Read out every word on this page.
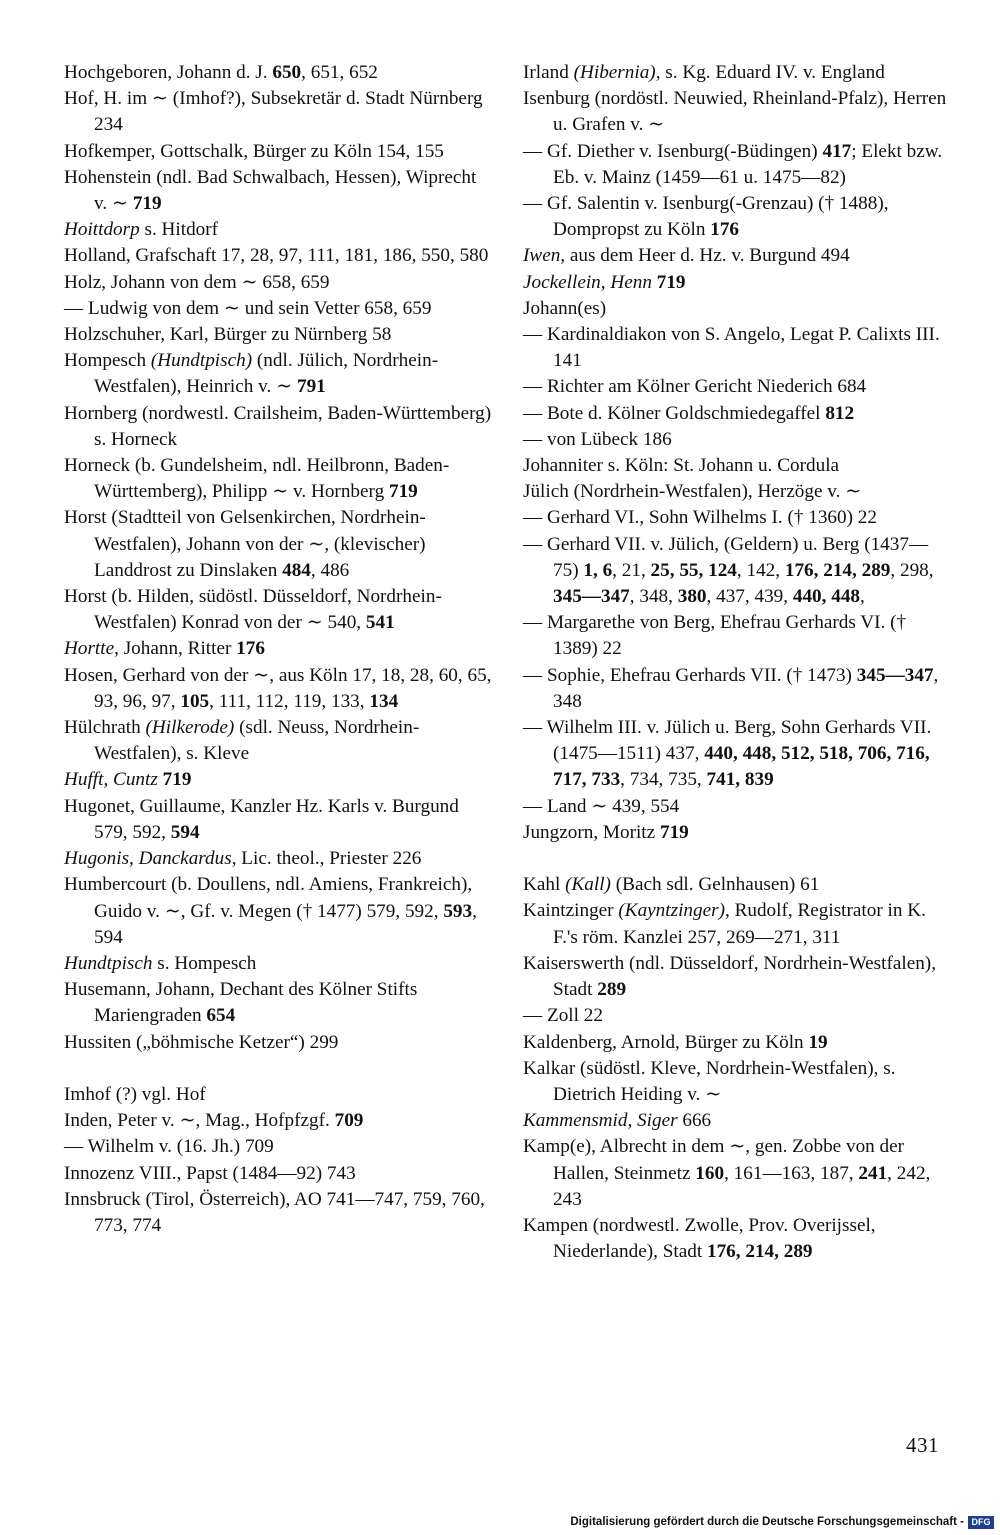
Hochgeboren, Johann d. J. 650, 651, 652

Hof, H. im ∼ (Imhof?), Subsekretär d. Stadt Nürnberg 234

Hofkemper, Gottschalk, Bürger zu Köln 154, 155

Hohenstein (ndl. Bad Schwalbach, Hessen), Wiprecht v. ∼ 719

Hoittdorp s. Hitdorf

Holland, Grafschaft 17, 28, 97, 111, 181, 186, 550, 580

Holz, Johann von dem ∼ 658, 659

— Ludwig von dem ∼ und sein Vetter 658, 659

Holzschuher, Karl, Bürger zu Nürnberg 58

Hompesch (Hundtpisch) (ndl. Jülich, Nordrhein-Westfalen), Heinrich v. ∼ 791

Hornberg (nordwestl. Crailsheim, Baden-Württemberg) s. Horneck

Horneck (b. Gundelsheim, ndl. Heilbronn, Baden-Württemberg), Philipp ∼ v. Hornberg 719

Horst (Stadtteil von Gelsenkirchen, Nordrhein-Westfalen), Johann von der ∼, (klevischer) Landdrost zu Dinslaken 484, 486

Horst (b. Hilden, südöstl. Düsseldorf, Nordrhein-Westfalen) Konrad von der ∼ 540, 541

Hortte, Johann, Ritter 176

Hosen, Gerhard von der ∼, aus Köln 17, 18, 28, 60, 65, 93, 96, 97, 105, 111, 112, 119, 133, 134

Hülchrath (Hilkerode) (sdl. Neuss, Nordrhein-Westfalen), s. Kleve

Hufft, Cuntz 719

Hugonet, Guillaume, Kanzler Hz. Karls v. Burgund 579, 592, 594

Hugonis, Danckardus, Lic. theol., Priester 226

Humbercourt (b. Doullens, ndl. Amiens, Frankreich), Guido v. ∼, Gf. v. Megen († 1477) 579, 592, 593, 594

Hundtpisch s. Hompesch

Husemann, Johann, Dechant des Kölner Stifts Mariengraden 654

Hussiten („böhmische Ketzer“) 299

Imhof (?) vgl. Hof

Inden, Peter v. ∼, Mag., Hofpfzgf. 709

— Wilhelm v. (16. Jh.) 709

Innozenz VIII., Papst (1484—92) 743

Innsbruck (Tirol, Österreich), AO 741—747, 759, 760, 773, 774

Irland (Hibernia), s. Kg. Eduard IV. v. England

Isenburg (nordöstl. Neuwied, Rheinland-Pfalz), Herren u. Grafen v. ∼

— Gf. Diether v. Isenburg(-Büdingen) 417; Elekt bzw. Eb. v. Mainz (1459—61 u. 1475—82)

— Gf. Salentin v. Isenburg(-Grenzau) († 1488), Dompropst zu Köln 176

Iwen, aus dem Heer d. Hz. v. Burgund 494

Jockellein, Henn 719

Johann(es)

— Kardinaldiakon von S. Angelo, Legat P. Calixts III. 141

— Richter am Kölner Gericht Niederich 684

— Bote d. Kölner Goldschmiedegaffel 812

— von Lübeck 186

Johanniter s. Köln: St. Johann u. Cordula

Jülich (Nordrhein-Westfalen), Herzöge v. ∼

— Gerhard VI., Sohn Wilhelms I. († 1360) 22

— Gerhard VII. v. Jülich, (Geldern) u. Berg (1437—75) 1, 6, 21, 25, 55, 124, 142, 176, 214, 289, 298, 345—347, 348, 380, 437, 439, 440, 448,

— Margarethe von Berg, Ehefrau Gerhards VI. († 1389) 22

— Sophie, Ehefrau Gerhards VII. († 1473) 345—347, 348

— Wilhelm III. v. Jülich u. Berg, Sohn Gerhards VII. (1475—1511) 437, 440, 448, 512, 518, 706, 716, 717, 733, 734, 735, 741, 839

— Land ∼ 439, 554

Jungzorn, Moritz 719

Kahl (Kall) (Bach sdl. Gelnhausen) 61

Kaintzinger (Kayntzinger), Rudolf, Registrator in K. F.'s röm. Kanzlei 257, 269—271, 311

Kaiserswerth (ndl. Düsseldorf, Nordrhein-Westfalen), Stadt 289

— Zoll 22

Kaldenberg, Arnold, Bürger zu Köln 19

Kalkar (südöstl. Kleve, Nordrhein-Westfalen), s. Dietrich Heiding v. ∼

Kammensmid, Siger 666

Kamp(e), Albrecht in dem ∼, gen. Zobbe von der Hallen, Steinmetz 160, 161—163, 187, 241, 242, 243

Kampen (nordwestl. Zwolle, Prov. Overijssel, Niederlande), Stadt 176, 214, 289

431
Digitalisierung gefördert durch die Deutsche Forschungsgemeinschaft - DFG
